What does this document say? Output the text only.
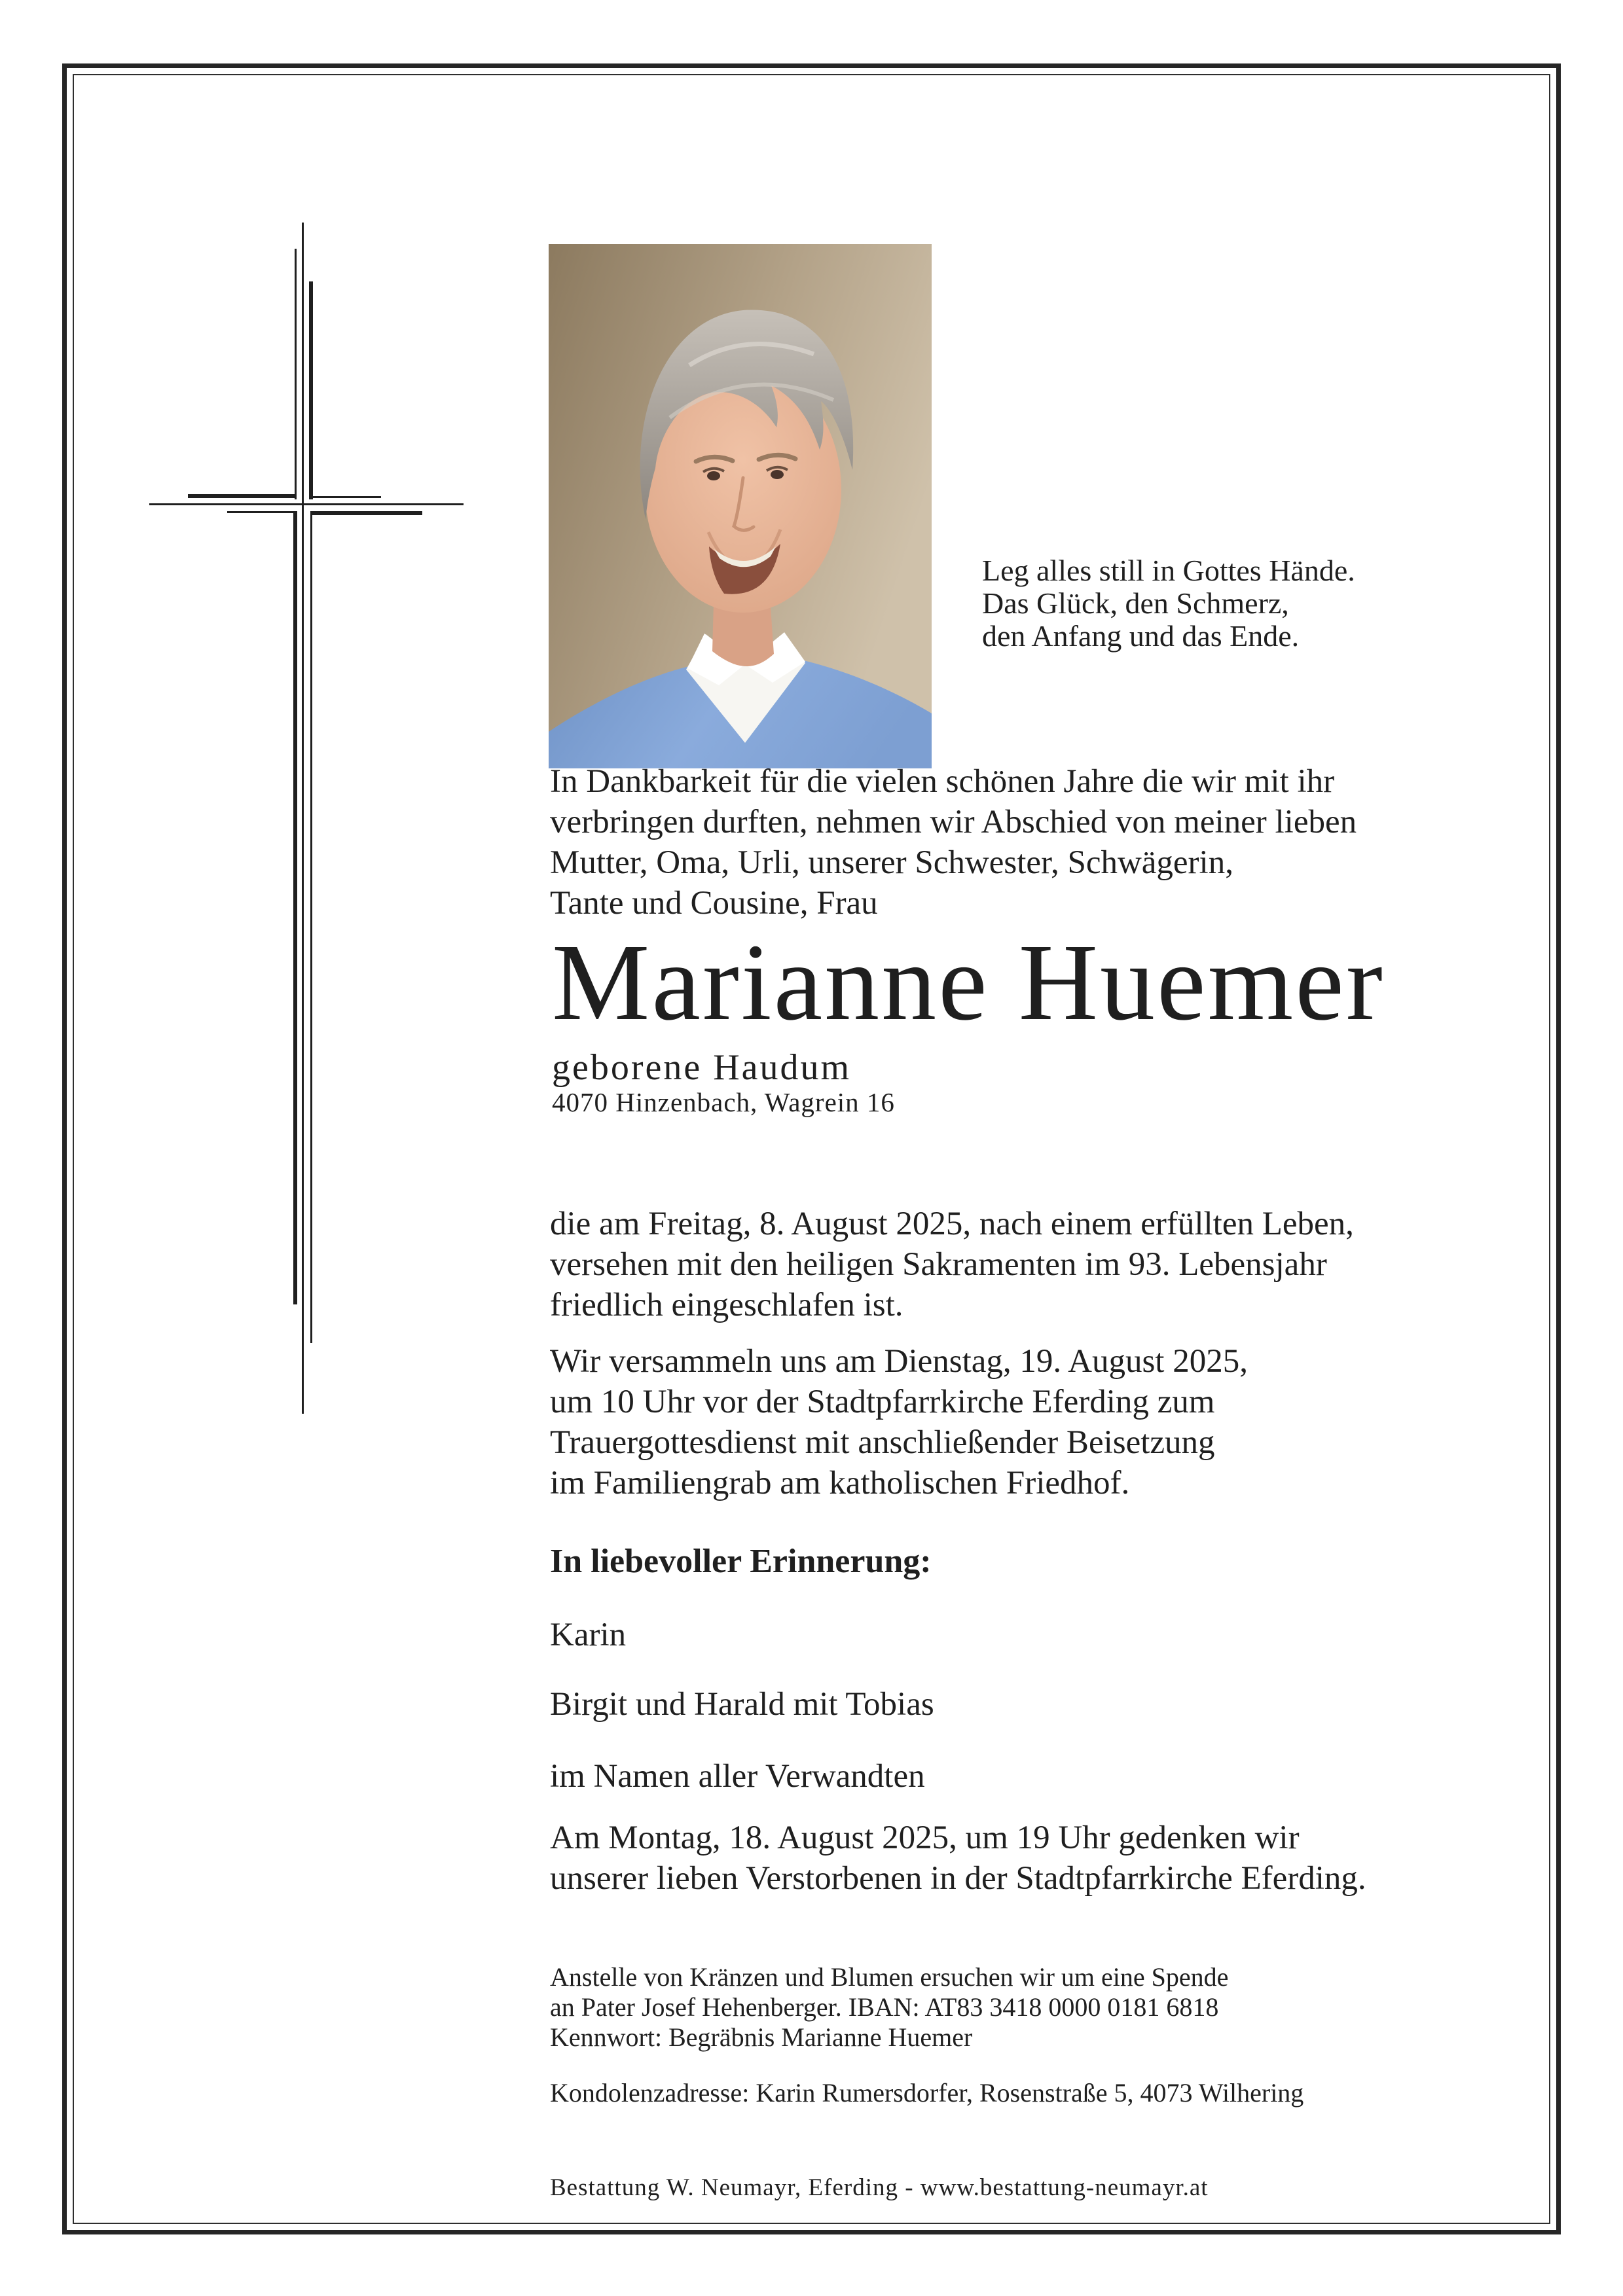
Leg alles still in Gottes Hände.
Das Glück, den Schmerz,
den Anfang und das Ende.
In Dankbarkeit für die vielen schönen Jahre die wir mit ihr
verbringen durften, nehmen wir Abschied von meiner lieben
Mutter, Oma, Urli, unserer Schwester, Schwägerin,
Tante und Cousine, Frau
Marianne Huemer
geborene Haudum
4070 Hinzenbach, Wagrein 16
die am Freitag, 8. August 2025, nach einem erfüllten Leben,
versehen mit den heiligen Sakramenten im 93. Lebensjahr
friedlich eingeschlafen ist.
Wir versammeln uns am Dienstag, 19. August 2025,
um 10 Uhr vor der Stadtpfarrkirche Eferding zum
Trauergottesdienst mit anschließender Beisetzung
im Familiengrab am katholischen Friedhof.
In liebevoller Erinnerung:
Karin
Birgit und Harald mit Tobias
im Namen aller Verwandten
Am Montag, 18. August 2025, um 19 Uhr gedenken wir
unserer lieben Verstorbenen in der Stadtpfarrkirche Eferding.
Anstelle von Kränzen und Blumen ersuchen wir um eine Spende
an Pater Josef Hehenberger. IBAN: AT83 3418 0000 0181 6818
Kennwort: Begräbnis Marianne Huemer
Kondolenzadresse: Karin Rumersdorfer, Rosenstraße 5, 4073 Wilhering
Bestattung W. Neumayr, Eferding - www.bestattung-neumayr.at
